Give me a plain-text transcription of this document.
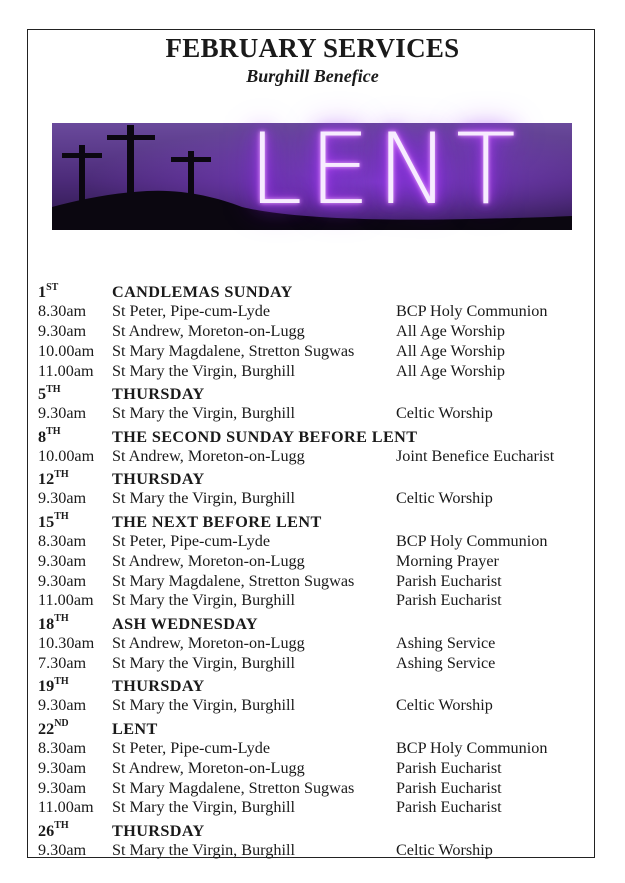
FEBRUARY SERVICES
Burghill Benefice
LENT
1ST	CANDLEMAS SUNDAY
8.30am St Peter, Pipe-cum-Lyde	BCP Holy Communion
9.30am St Andrew, Moreton-on-Lugg	All Age Worship
10.00am St Mary Magdalene, Stretton Sugwas	All Age Worship
11.00am St Mary the Virgin, Burghill	All Age Worship
5TH	THURSDAY
9.30am St Mary the Virgin, Burghill	Celtic Worship
8TH	THE SECOND SUNDAY BEFORE LENT
10.00am St Andrew, Moreton-on-Lugg	Joint Benefice Eucharist
12TH	THURSDAY
9.30am St Mary the Virgin, Burghill	Celtic Worship
15TH	THE NEXT BEFORE LENT
8.30am St Peter, Pipe-cum-Lyde	BCP Holy Communion
9.30am St Andrew, Moreton-on-Lugg	Morning Prayer
9.30am St Mary Magdalene, Stretton Sugwas	Parish Eucharist
11.00am St Mary the Virgin, Burghill	Parish Eucharist
18TH	ASH WEDNESDAY
10.30am St Andrew, Moreton-on-Lugg	Ashing Service
7.30am St Mary the Virgin, Burghill	Ashing Service
19TH	THURSDAY
9.30am St Mary the Virgin, Burghill	Celtic Worship
22ND	LENT
8.30am St Peter, Pipe-cum-Lyde	BCP Holy Communion
9.30am St Andrew, Moreton-on-Lugg	Parish Eucharist
9.30am St Mary Magdalene, Stretton Sugwas	Parish Eucharist
11.00am St Mary the Virgin, Burghill	Parish Eucharist
26TH	THURSDAY
9.30am St Mary the Virgin, Burghill	Celtic Worship
